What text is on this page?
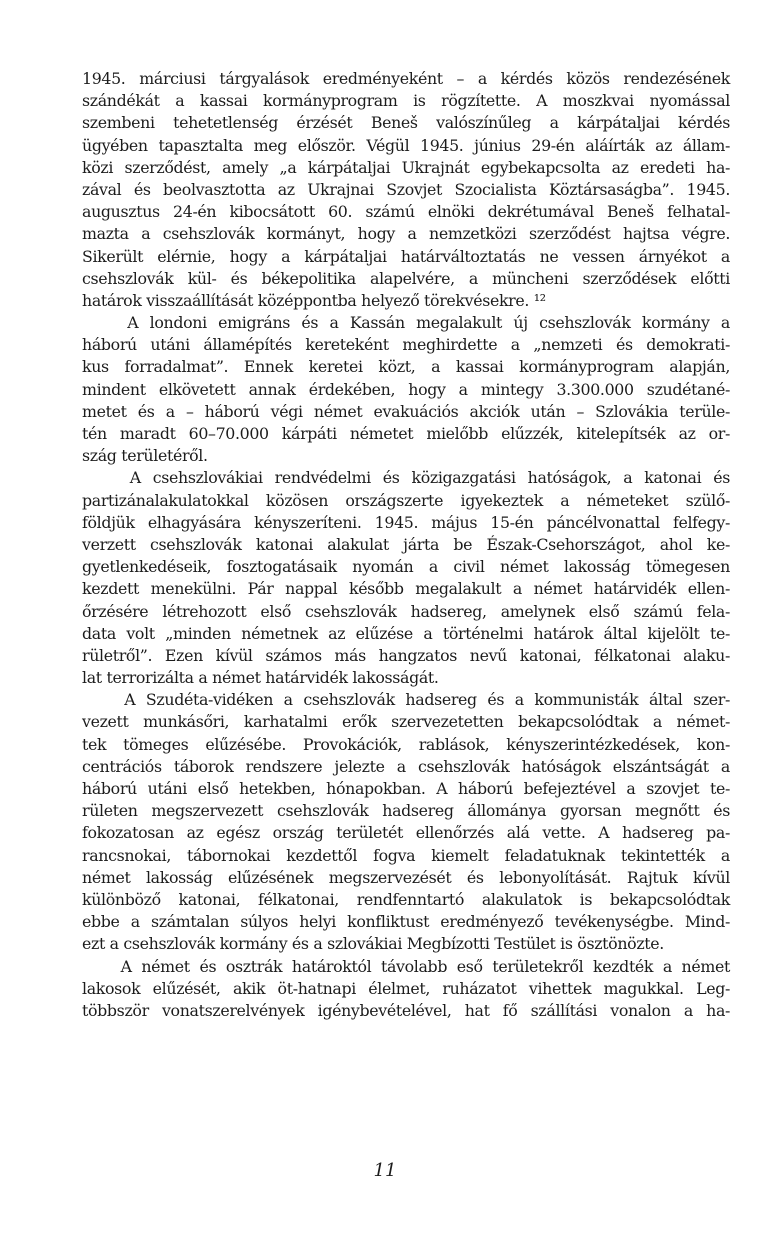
1945. márciusi tárgyalások eredményeként – a kérdés közös rendezésének
szándékát a kassai kormányprogram is rögzítette. A moszkvai nyomással
szembeni tehetetlenség érzését Beneš valószínűleg a kárpátaljai kérdés
ügyében tapasztalta meg először. Végül 1945. június 29-én aláírták az állam-
közi szerződést, amely „a kárpátaljai Ukrajnát egybekapcsolta az eredeti ha-
zával és beolvasztotta az Ukrajnai Szovjet Szocialista Köztársaságba”. 1945.
augusztus 24-én kibocsátott 60. számú elnöki dekrétumával Beneš felhatal-
mazta a csehszlovák kormányt, hogy a nemzetközi szerződést hajtsa végre.
Sikerült elérnie, hogy a kárpátaljai határváltoztatás ne vessen árnyékot a
csehszlovák kül- és békepolitika alapelvére, a müncheni szerződések előtti
határok visszaállítását középpontba helyező törekvésekre. ¹²
A londoni emigráns és a Kassán megalakult új csehszlovák kormány a
háború utáni államépítés kereteként meghirdette a „nemzeti és demokrati-
kus forradalmat”. Ennek keretei közt, a kassai kormányprogram alapján,
mindent elkövetett annak érdekében, hogy a mintegy 3.300.000 szudétané-
metet és a – háború végi német evakuációs akciók után – Szlovákia terüle-
tén maradt 60–70.000 kárpáti németet mielőbb elűzzék, kitelepítsék az or-
szág területéről.
A csehszlovákiai rendvédelmi és közigazgatási hatóságok, a katonai és
partizánalakulatokkal közösen országszerte igyekeztek a németeket szülő-
földjük elhagyására kényszeríteni. 1945. május 15-én páncélvonattal felfegy-
verzett csehszlovák katonai alakulat járta be Észak-Csehországot, ahol ke-
gyetlenkedéseik, fosztogatásaik nyomán a civil német lakosság tömegesen
kezdett menekülni. Pár nappal később megalakult a német határvidék ellen-
őrzésére létrehozott első csehszlovák hadsereg, amelynek első számú fela-
data volt „minden németnek az elűzése a történelmi határok által kijelölt te-
rületről”. Ezen kívül számos más hangzatos nevű katonai, félkatonai alaku-
lat terrorizálta a német határvidék lakosságát.
A Szudéta-vidéken a csehszlovák hadsereg és a kommunisták által szer-
vezett munkásőri, karhatalmi erők szervezetetten bekapcsolódtak a német-
tek tömeges elűzésébe. Provokációk, rablások, kényszerintézkedések, kon-
centrációs táborok rendszere jelezte a csehszlovák hatóságok elszántságát a
háború utáni első hetekben, hónapokban. A háború befejeztével a szovjet te-
rületen megszervezett csehszlovák hadsereg állománya gyorsan megnőtt és
fokozatosan az egész ország területét ellenőrzés alá vette. A hadsereg pa-
rancsnokai, tábornokai kezdettől fogva kiemelt feladatuknak tekintették a
német lakosság elűzésének megszervezését és lebonyolítását. Rajtuk kívül
különböző katonai, félkatonai, rendfenntartó alakulatok is bekapcsolódtak
ebbe a számtalan súlyos helyi konfliktust eredményező tevékenységbe. Mind-
ezt a csehszlovák kormány és a szlovákiai Megbízotti Testület is ösztönözte.
A német és osztrák határoktól távolabb eső területekről kezdték a német
lakosok elűzését, akik öt-hatnapi élelmet, ruházatot vihettek magukkal. Leg-
többször vonatszerelvények igénybevételével, hat fő szállítási vonalon a ha-
11
